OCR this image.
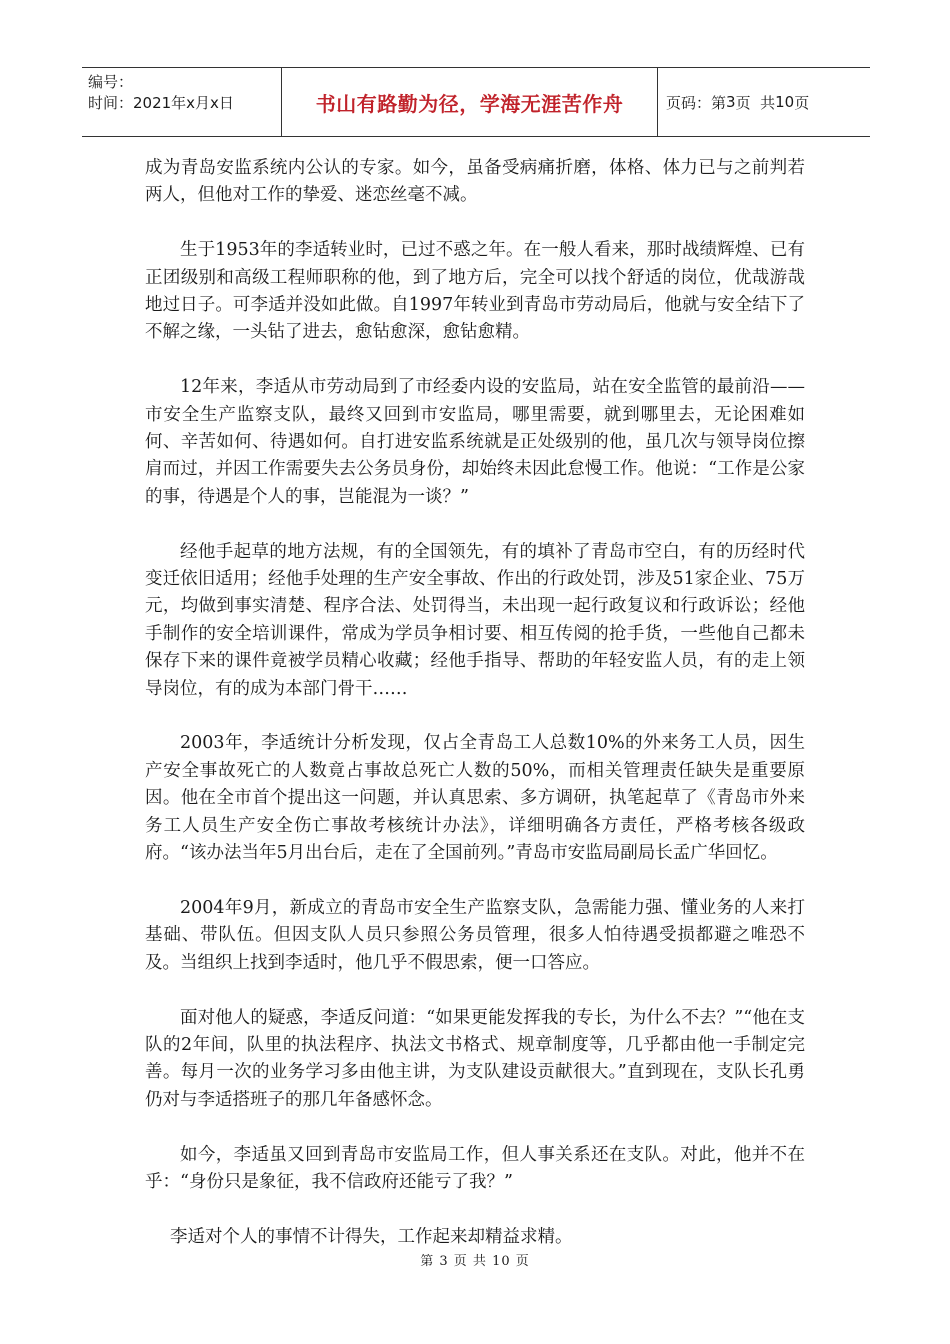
编号：
时间：2021年x月x日	书山有路勤为径，学海无涯苦作舟	页码：第 3 页  共 10 页

成为青岛安监系统内公认的专家。如今，虽备受病痛折磨，体格、体力已与之前判若两人，但他对工作的挚爱、迷恋丝毫不减。

生于1953年的李适转业时，已过不惑之年。在一般人看来，那时战绩辉煌、已有正团级别和高级工程师职称的他，到了地方后，完全可以找个舒适的岗位，优哉游哉地过日子。可李适并没如此做。自1997年转业到青岛市劳动局后，他就与安全结下了不解之缘，一头钻了进去，愈钻愈深，愈钻愈精。

12年来，李适从市劳动局到了市经委内设的安监局，站在安全监管的最前沿——市安全生产监察支队，最终又回到市安监局，哪里需要，就到哪里去，无论困难如何、辛苦如何、待遇如何。自打进安监系统就是正处级别的他，虽几次与领导岗位擦肩而过，并因工作需要失去公务员身份，却始终未因此怠慢工作。他说：“工作是公家的事，待遇是个人的事，岂能混为一谈？”

经他手起草的地方法规，有的全国领先，有的填补了青岛市空白，有的历经时代变迁依旧适用；经他手处理的生产安全事故、作出的行政处罚，涉及51家企业、75万元，均做到事实清楚、程序合法、处罚得当，未出现一起行政复议和行政诉讼；经他手制作的安全培训课件，常成为学员争相讨要、相互传阅的抢手货，一些他自己都未保存下来的课件竟被学员精心收藏；经他手指导、帮助的年轻安监人员，有的走上领导岗位，有的成为本部门骨干……

2003年，李适统计分析发现，仅占全青岛工人总数10%的外来务工人员，因生产安全事故死亡的人数竟占事故总死亡人数的50%，而相关管理责任缺失是重要原因。他在全市首个提出这一问题，并认真思索、多方调研，执笔起草了《青岛市外来务工人员生产安全伤亡事故考核统计办法》，详细明确各方责任，严格考核各级政府。“该办法当年5月出台后，走在了全国前列。”青岛市安监局副局长孟广华回忆。

2004年9月，新成立的青岛市安全生产监察支队，急需能力强、懂业务的人来打基础、带队伍。但因支队人员只参照公务员管理，很多人怕待遇受损都避之唯恐不及。当组织上找到李适时，他几乎不假思索，便一口答应。

面对他人的疑惑，李适反问道：“如果更能发挥我的专长，为什么不去？”“他在支队的2年间，队里的执法程序、执法文书格式、规章制度等，几乎都由他一手制定完善。每月一次的业务学习多由他主讲，为支队建设贡献很大。”直到现在，支队长孔勇仍对与李适搭班子的那几年备感怀念。

如今，李适虽又回到青岛市安监局工作，但人事关系还在支队。对此，他并不在乎：“身份只是象征，我不信政府还能亏了我？”

李适对个人的事情不计得失，工作起来却精益求精。

第 3 页 共 10 页
